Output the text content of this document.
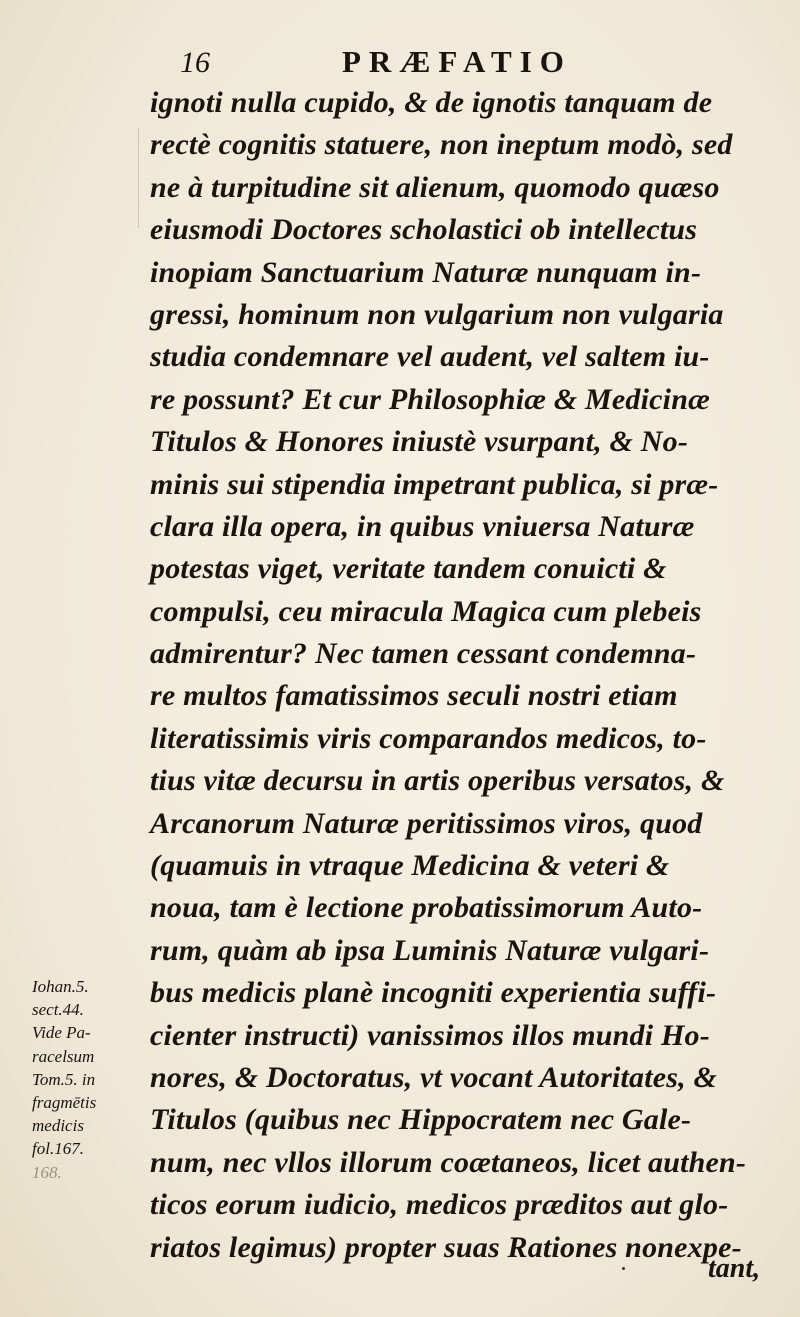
16	PRÆFATIO
ignoti nulla cupido, & de ignotis tanquam de
rectè cognitis statuere, non ineptum modò, sed
ne à turpitudine sit alienum, quomodo quæso
eiusmodi Doctores scholastici ob intellectus
inopiam Sanctuarium Naturæ nunquam in-
gressi, hominum non vulgarium non vulgaria
studia condemnare vel audent, vel saltem iu-
re possunt? Et cur Philosophiæ & Medicinæ
Titulos & Honores iniustè vsurpant, & No-
minis sui stipendia impetrant publica, si præ-
clara illa opera, in quibus vniuersa Naturæ
potestas viget, veritate tandem conuicti &
compulsi, ceu miracula Magica cum plebeis
admirentur? Nec tamen cessant condemna-
re multos famatissimos seculi nostri etiam
literatissimis viris comparandos medicos, to-
tius vitæ decursu in artis operibus versatos, &
Arcanorum Naturæ peritissimos viros, quod
(quamuis in vtraque Medicina & veteri &
noua, tam è lectione probatissimorum Auto-
rum, quàm ab ipsa Luminis Naturæ vulgari-
bus medicis planè incogniti experientia suffi-
cienter instructi) vanissimos illos mundi Ho-
nores, & Doctoratus, vt vocant Autoritates, &
Titulos (quibus nec Hippocratem nec Gale-
num, nec vllos illorum coætaneos, licet authen-
ticos eorum iudicio, medicos præditos aut glo-
riatos legimus) propter suas Rationes nonexpe-
Iohan.5.
sect.44.
Vide Pa-
racelsum
Tom.5. in
fragmētis
medicis
fol.167.
168.
tant,
